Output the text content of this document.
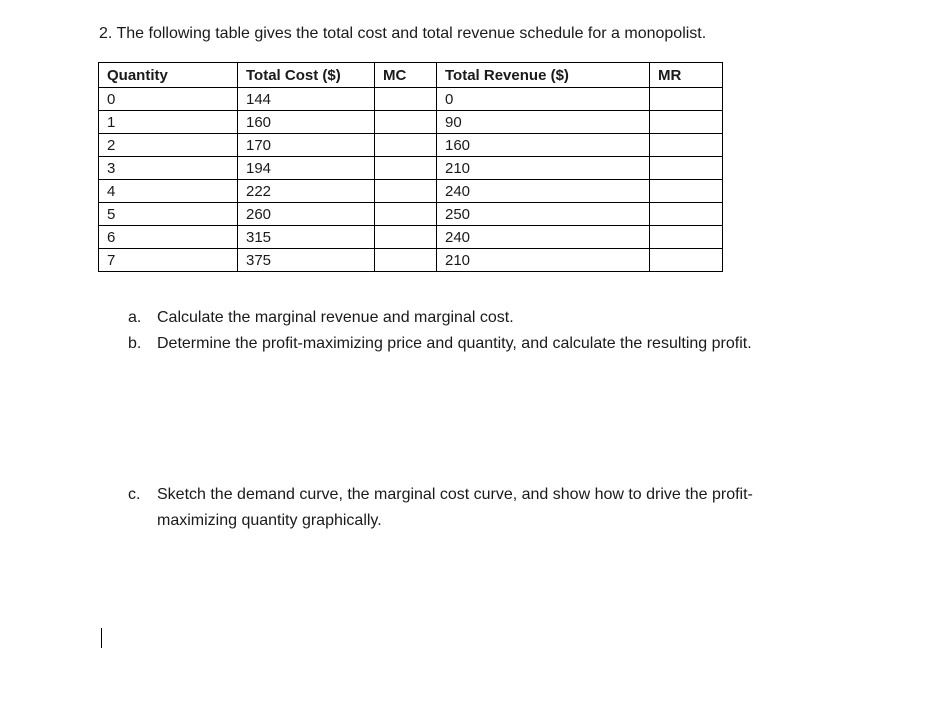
2. The following table gives the total cost and total revenue schedule for a monopolist.
Quantity	Total Cost ($)	MC	Total Revenue ($)	MR
0	144		0	
1	160		90	
2	170		160	
3	194		210	
4	222		240	
5	260		250	
6	315		240	
7	375		210	
a. Calculate the marginal revenue and marginal cost.
b. Determine the profit-maximizing price and quantity, and calculate the resulting profit.
c.	Sketch the demand curve, the marginal cost curve, and show how to drive the profit-maximizing quantity graphically.
